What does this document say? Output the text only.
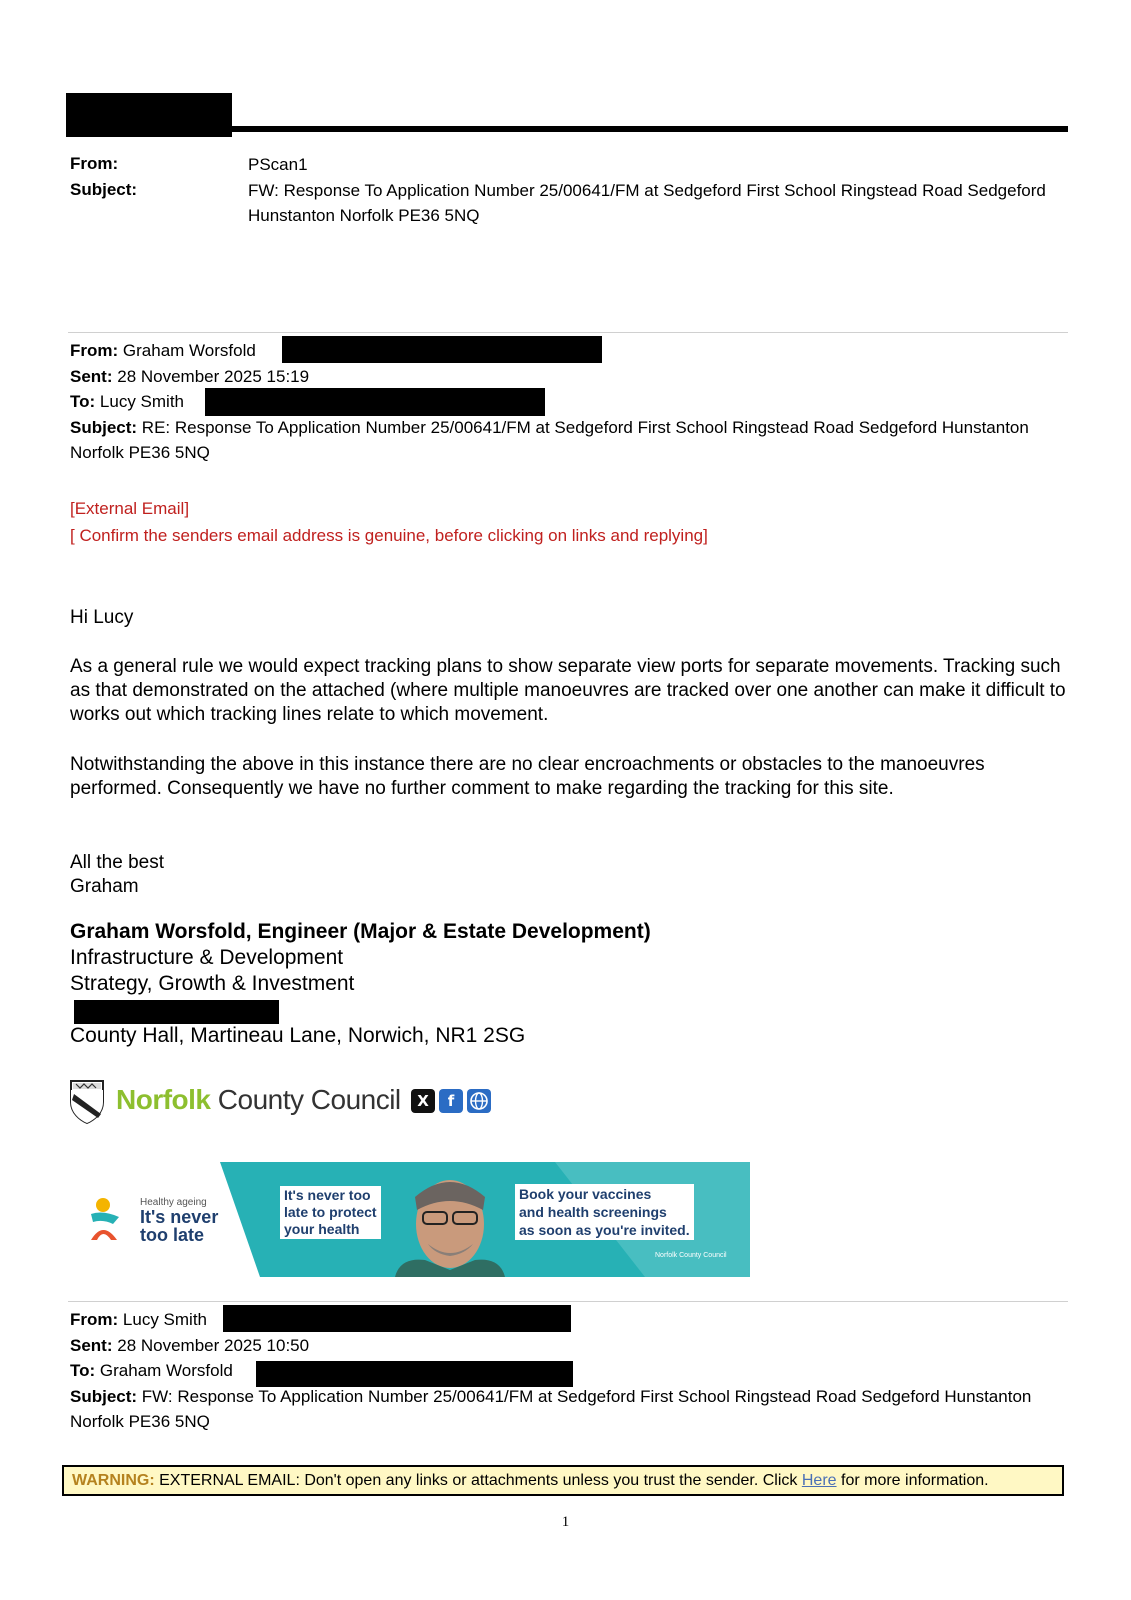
From:	PScan1
Subject:	FW: Response To Application Number 25/00641/FM at Sedgeford First School Ringstead Road Sedgeford Hunstanton Norfolk PE36 5NQ
From: Graham Worsfold
Sent: 28 November 2025 15:19
To: Lucy Smith
Subject: RE: Response To Application Number 25/00641/FM at Sedgeford First School Ringstead Road Sedgeford Hunstanton Norfolk PE36 5NQ
[External Email]
[ Confirm the senders email address is genuine, before clicking on links and replying]
Hi Lucy
As a general rule we would expect tracking plans to show separate view ports for separate movements. Tracking such as that demonstrated on the attached (where multiple manoeuvres are tracked over one another can make it difficult to works out which tracking lines relate to which movement.
Notwithstanding the above in this instance there are no clear encroachments or obstacles to the manoeuvres performed. Consequently we have no further comment to make regarding the tracking for this site.
All the best
Graham
Graham Worsfold, Engineer (Major & Estate Development)
Infrastructure & Development
Strategy, Growth & Investment
County Hall, Martineau Lane, Norwich, NR1 2SG
Norfolk County Council	X	f
Healthy ageing
It's never
too late
It's never too
late to protect
your health
Book your vaccines
and health screenings
as soon as you're invited.
Norfolk County Council
From: Lucy Smith
Sent: 28 November 2025 10:50
To: Graham Worsfold
Subject: FW: Response To Application Number 25/00641/FM at Sedgeford First School Ringstead Road Sedgeford Hunstanton Norfolk PE36 5NQ
WARNING: EXTERNAL EMAIL: Don't open any links or attachments unless you trust the sender. Click Here for more information.
1
